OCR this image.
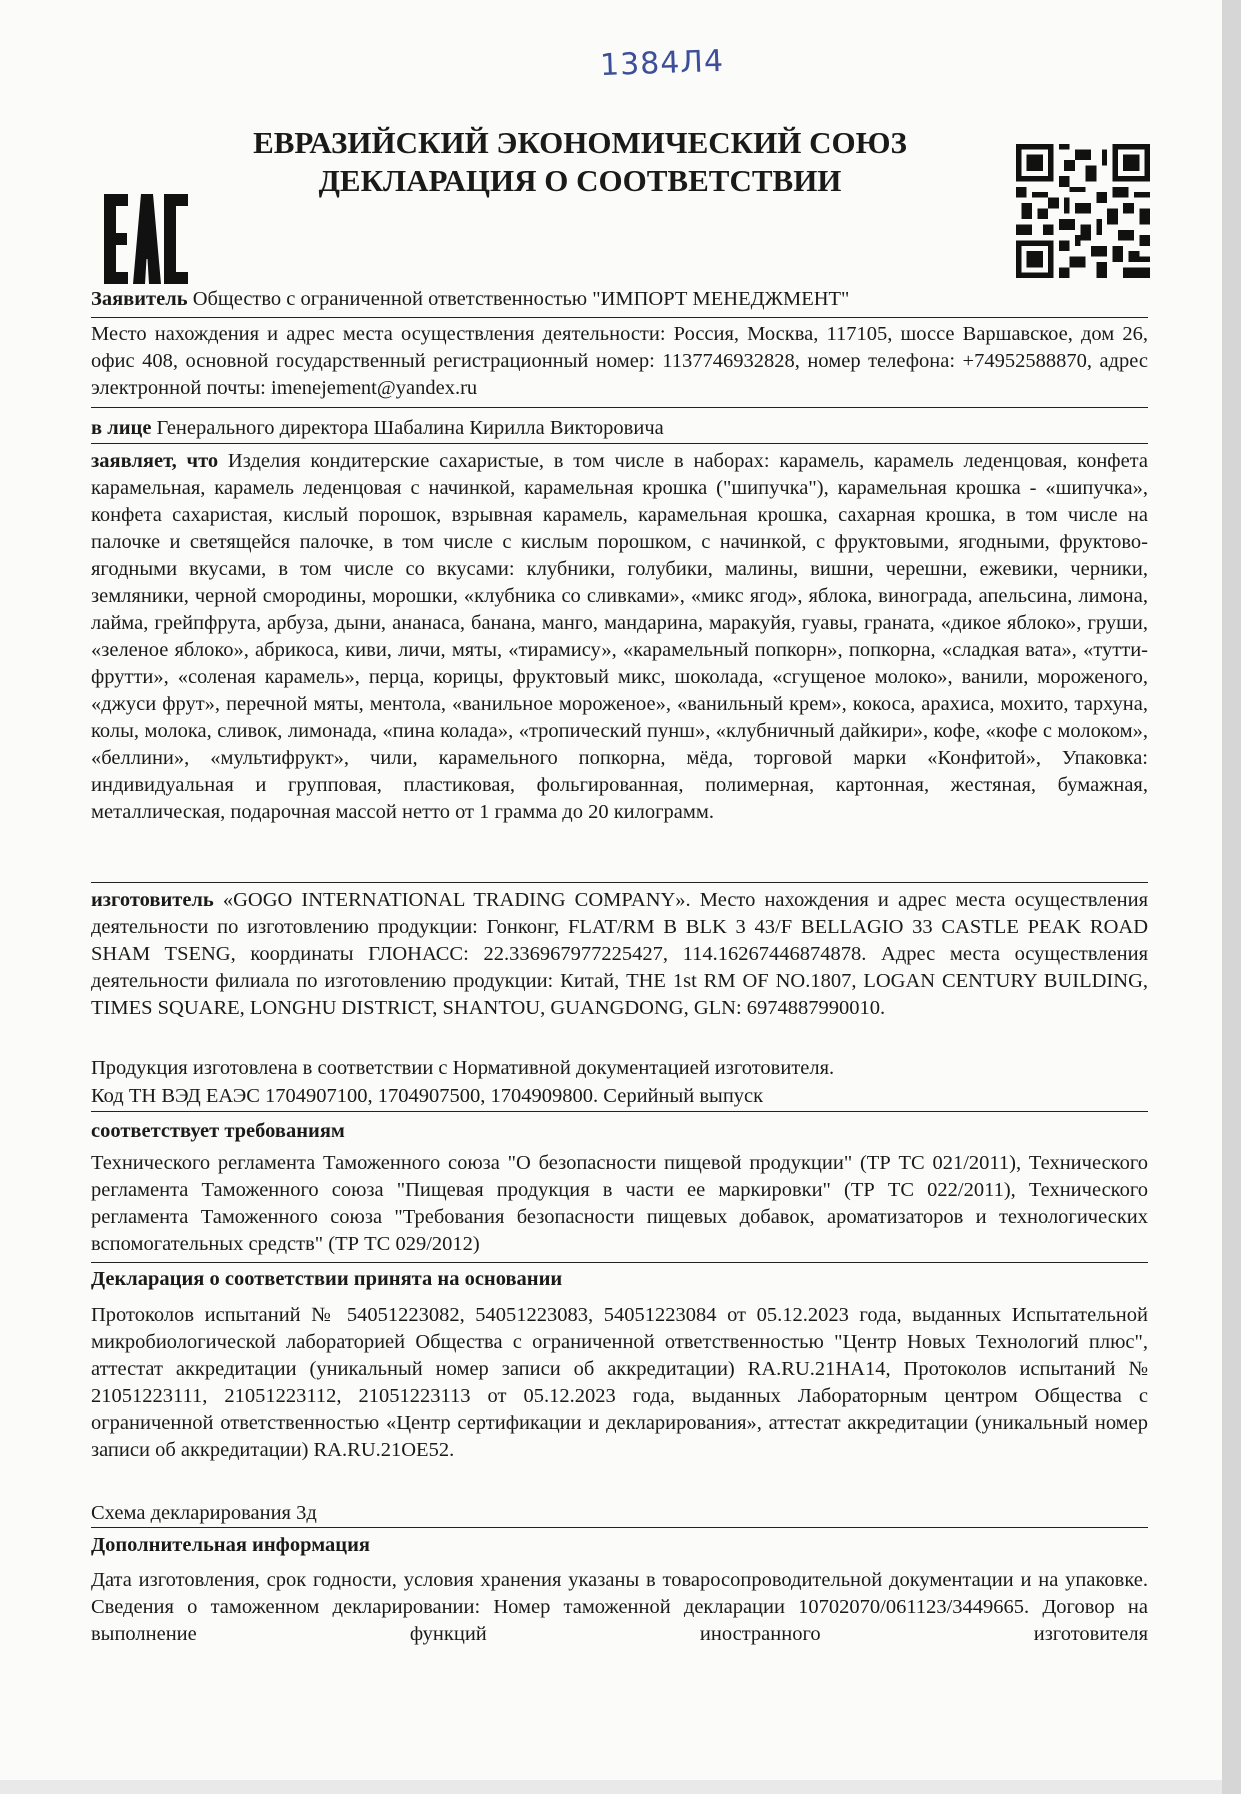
1384Л4
ЕВРАЗИЙСКИЙ ЭКОНОМИЧЕСКИЙ СОЮЗ
ДЕКЛАРАЦИЯ О СООТВЕТСТВИИ
Заявитель Общество с ограниченной ответственностью "ИМПОРТ МЕНЕДЖМЕНТ"
Место нахождения и адрес места осуществления деятельности: Россия, Москва, 117105, шоссе Варшавское, дом 26, офис 408, основной государственный регистрационный номер: 1137746932828, номер телефона: +74952588870, адрес электронной почты: imenejement@yandex.ru
в лице Генерального директора Шабалина Кирилла Викторовича
заявляет, что Изделия кондитерские сахаристые, в том числе в наборах: карамель, карамель леденцовая, конфета карамельная, карамель леденцовая с начинкой, карамельная крошка ("шипучка"), карамельная крошка - «шипучка», конфета сахаристая, кислый порошок, взрывная карамель, карамельная крошка, сахарная крошка, в том числе на палочке и светящейся палочке, в том числе с кислым порошком, с начинкой, с фруктовыми, ягодными, фруктово-ягодными вкусами, в том числе со вкусами: клубники, голубики, малины, вишни, черешни, ежевики, черники, земляники, черной смородины, морошки, «клубника со сливками», «микс ягод», яблока, винограда, апельсина, лимона, лайма, грейпфрута, арбуза, дыни, ананаса, банана, манго, мандарина, маракуйя, гуавы, граната, «дикое яблоко», груши, «зеленое яблоко», абрикоса, киви, личи, мяты, «тирамису», «карамельный попкорн», попкорна, «сладкая вата», «тутти-фрутти», «соленая карамель», перца, корицы, фруктовый микс, шоколада, «сгущеное молоко», ванили, мороженого, «джуси фрут», перечной мяты, ментола, «ванильное мороженое», «ванильный крем», кокоса, арахиса, мохито, тархуна, колы, молока, сливок, лимонада, «пина колада», «тропический пунш», «клубничный дайкири», кофе, «кофе с молоком», «беллини», «мультифрукт», чили, карамельного попкорна, мёда, торговой марки «Конфитой», Упаковка: индивидуальная и групповая, пластиковая, фольгированная, полимерная, картонная, жестяная, бумажная, металлическая, подарочная массой нетто от 1 грамма до 20 килограмм.
изготовитель «GOGO INTERNATIONAL TRADING COMPANY». Место нахождения и адрес места осуществления деятельности по изготовлению продукции: Гонконг, FLAT/RM B BLK 3 43/F BELLAGIO 33 CASTLE PEAK ROAD SHAM TSENG, координаты ГЛОНАСС: 22.336967977225427, 114.16267446874878. Адрес места осуществления деятельности филиала по изготовлению продукции: Китай, THE 1st RM OF NO.1807, LOGAN CENTURY BUILDING, TIMES SQUARE, LONGHU DISTRICT, SHANTOU, GUANGDONG, GLN: 6974887990010.
Продукция изготовлена в соответствии с Нормативной документацией изготовителя.
Код ТН ВЭД ЕАЭС 1704907100, 1704907500, 1704909800. Серийный выпуск
соответствует требованиям
Технического регламента Таможенного союза "О безопасности пищевой продукции" (ТР ТС 021/2011), Технического регламента Таможенного союза "Пищевая продукция в части ее маркировки" (ТР ТС 022/2011), Технического регламента Таможенного союза "Требования безопасности пищевых добавок, ароматизаторов и технологических вспомогательных средств" (ТР ТС 029/2012)
Декларация о соответствии принята на основании
Протоколов испытаний № 54051223082, 54051223083, 54051223084 от 05.12.2023 года, выданных Испытательной микробиологической лабораторией Общества с ограниченной ответственностью "Центр Новых Технологий плюс", аттестат аккредитации (уникальный номер записи об аккредитации) RA.RU.21HA14, Протоколов испытаний № 21051223111, 21051223112, 21051223113 от 05.12.2023 года, выданных Лабораторным центром Общества с ограниченной ответственностью «Центр сертификации и декларирования», аттестат аккредитации (уникальный номер записи об аккредитации) RA.RU.21OE52.
Схема декларирования 3д
Дополнительная информация
Дата изготовления, срок годности, условия хранения указаны в товаросопроводительной документации и на упаковке. Сведения о таможенном декларировании: Номер таможенной декларации 10702070/061123/3449665. Договор на выполнение функций иностранного изготовителя
